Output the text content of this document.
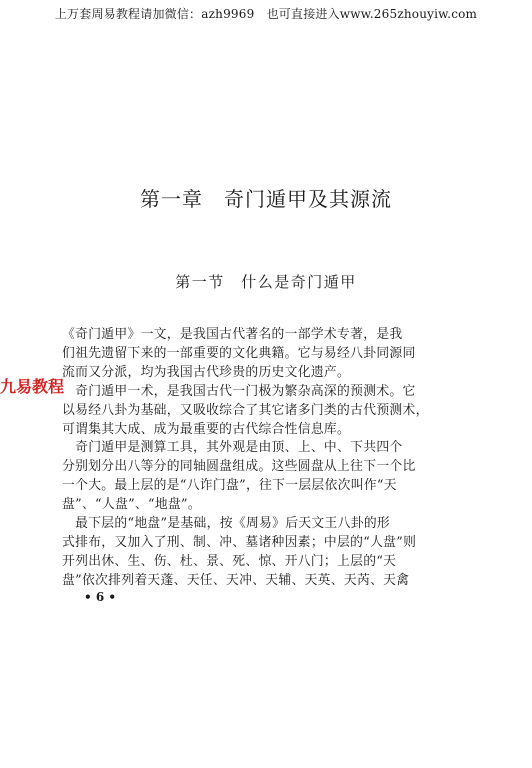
上万套周易教程请加微信：azh9969　也可直接进入www.265zhouyiw.com
第一章　奇门遁甲及其源流
第一节　什么是奇门遁甲
九易教程
《奇门遁甲》一文，是我国古代著名的一部学术专著，是我
们祖先遗留下来的一部重要的文化典籍。它与易经八卦同源同
流而又分派，均为我国古代珍贵的历史文化遗产。
　奇门遁甲一术，是我国古代一门极为繁杂高深的预测术。它
以易经八卦为基础，又吸收综合了其它诸多门类的古代预测术，
可谓集其大成、成为最重要的古代综合性信息库。
　奇门遁甲是测算工具，其外观是由顶、上、中、下共四个
分别划分出八等分的同轴圆盘组成。这些圆盘从上往下一个比
一个大。最上层的是“八诈门盘”，往下一层层依次叫作“天
盘”、“人盘”、“地盘”。
　最下层的“地盘”是基础，按《周易》后天文王八卦的形
式排布，又加入了刑、制、冲、墓诸种因素；中层的“人盘”则
开列出休、生、伤、杜、景、死、惊、开八门；上层的“天
盘”依次排列着天蓬、天任、天冲、天辅、天英、天芮、天禽
• 6 •
